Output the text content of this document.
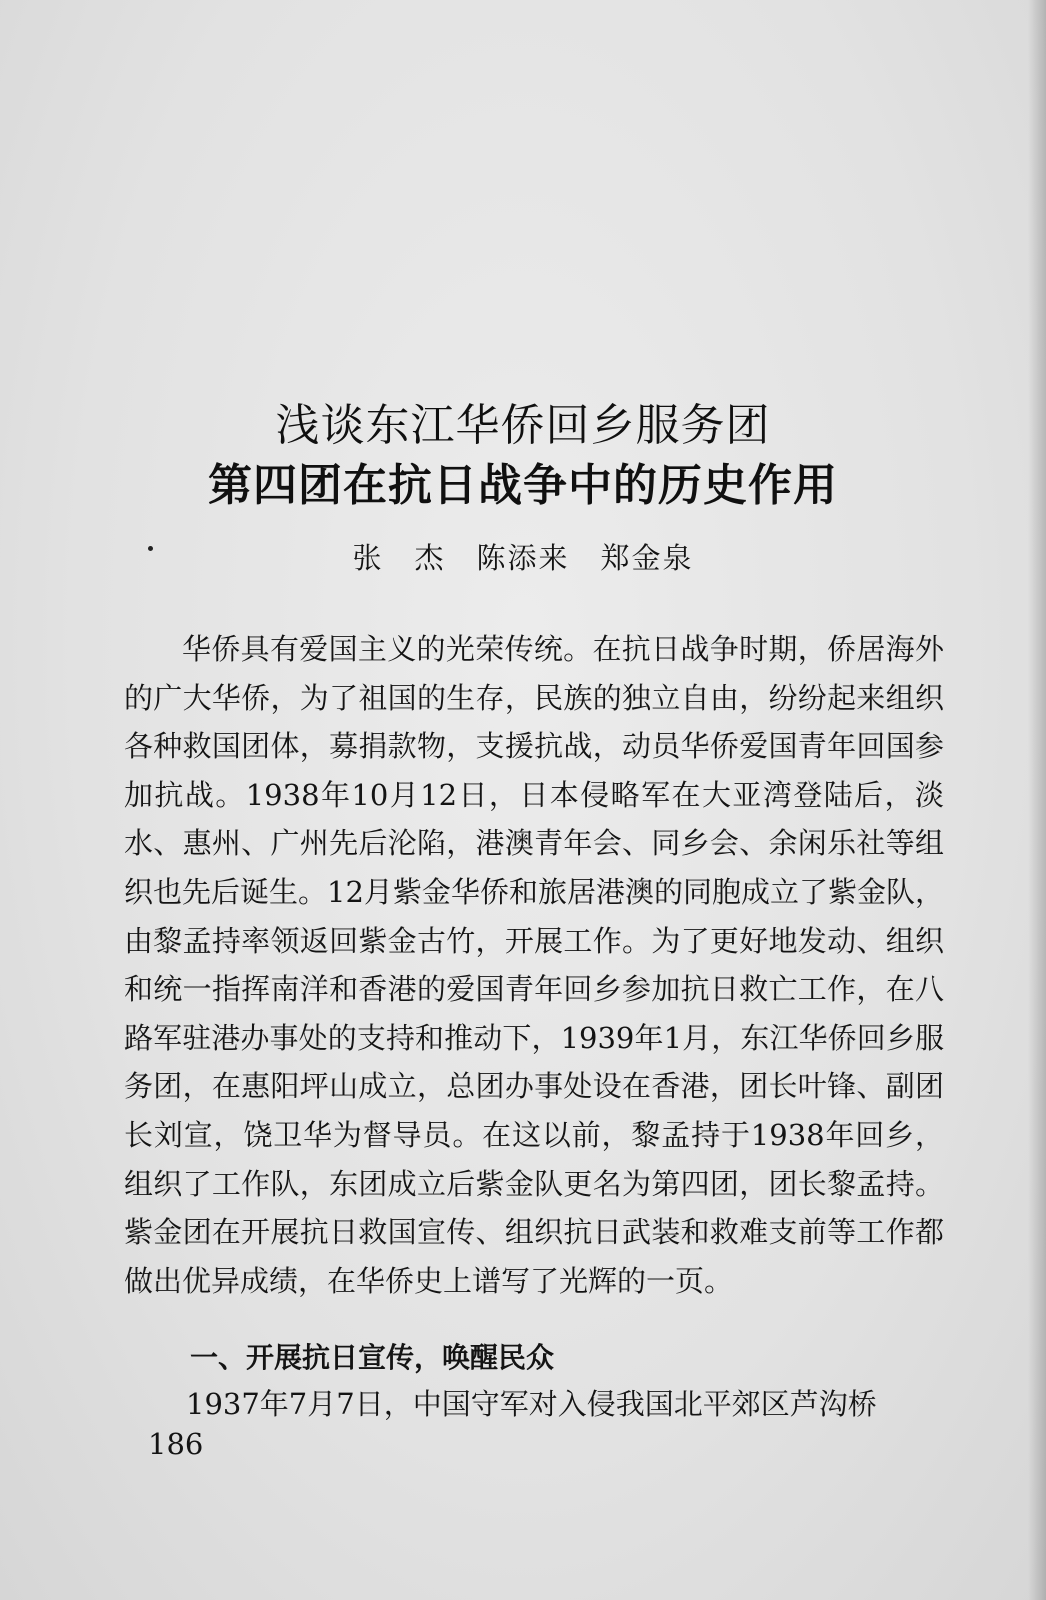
浅谈东江华侨回乡服务团
第四团在抗日战争中的历史作用
张　杰　陈添来　郑金泉

华侨具有爱国主义的光荣传统。在抗日战争时期，侨居海外的广大华侨，为了祖国的生存，民族的独立自由，纷纷起来组织各种救国团体，募捐款物，支援抗战，动员华侨爱国青年回国参加抗战。1938年10月12日，日本侵略军在大亚湾登陆后，淡水、惠州、广州先后沦陷，港澳青年会、同乡会、余闲乐社等组织也先后诞生。12月紫金华侨和旅居港澳的同胞成立了紫金队，由黎孟持率领返回紫金古竹，开展工作。为了更好地发动、组织和统一指挥南洋和香港的爱国青年回乡参加抗日救亡工作，在八路军驻港办事处的支持和推动下，1939年1月，东江华侨回乡服务团，在惠阳坪山成立，总团办事处设在香港，团长叶锋、副团长刘宣，饶卫华为督导员。在这以前，黎孟持于1938年回乡，组织了工作队，东团成立后紫金队更名为第四团，团长黎孟持。紫金团在开展抗日救国宣传、组织抗日武装和救难支前等工作都做出优异成绩，在华侨史上谱写了光辉的一页。

一、开展抗日宣传，唤醒民众
1937年7月7日，中国守军对入侵我国北平郊区芦沟桥
186
